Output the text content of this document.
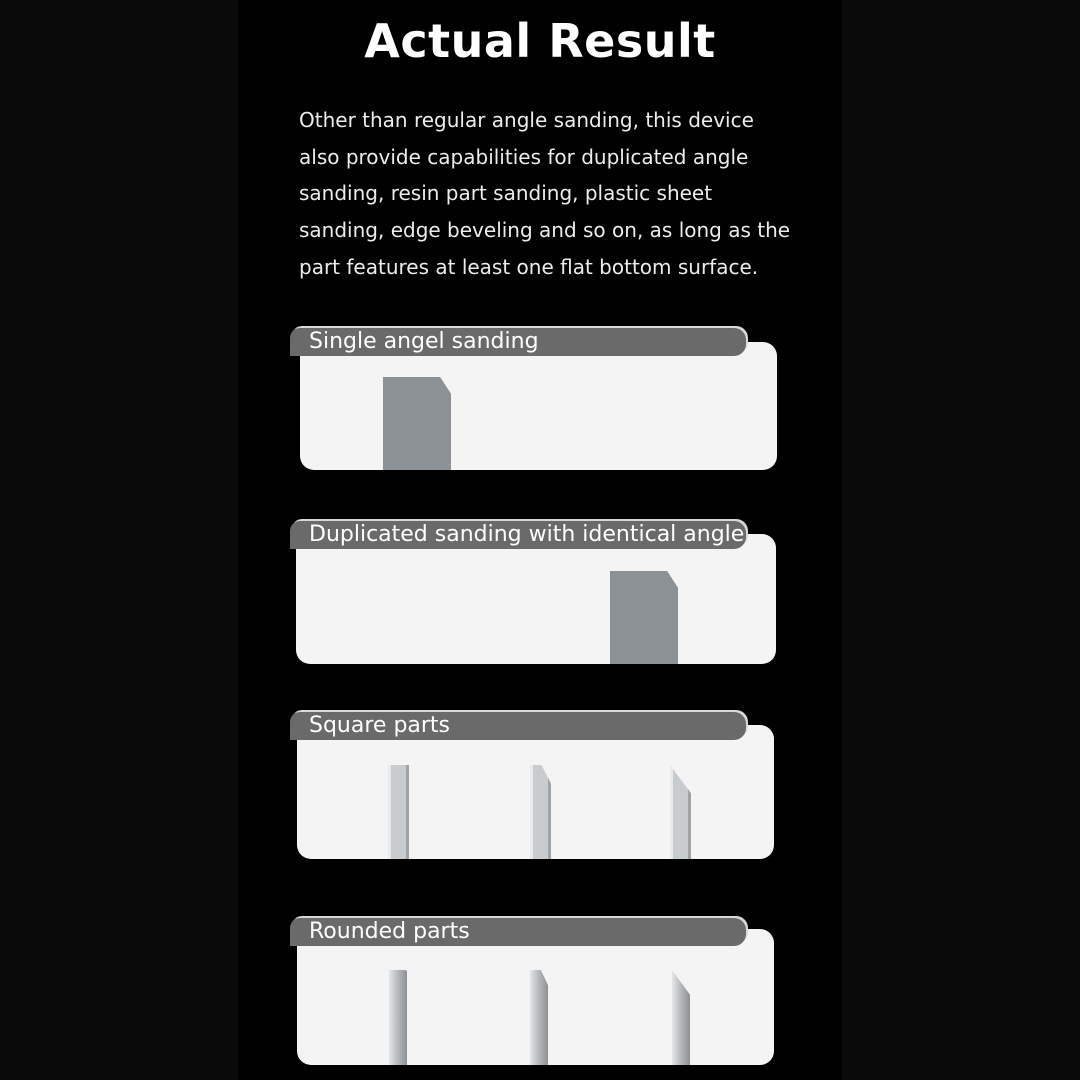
Actual Result
Other than regular angle sanding, this device also provide capabilities for duplicated angle sanding, resin part sanding, plastic sheet sanding, edge beveling and so on, as long as the part features at least one flat bottom surface.
Single angel sanding
Duplicated sanding with identical angle
Square parts
Rounded parts
